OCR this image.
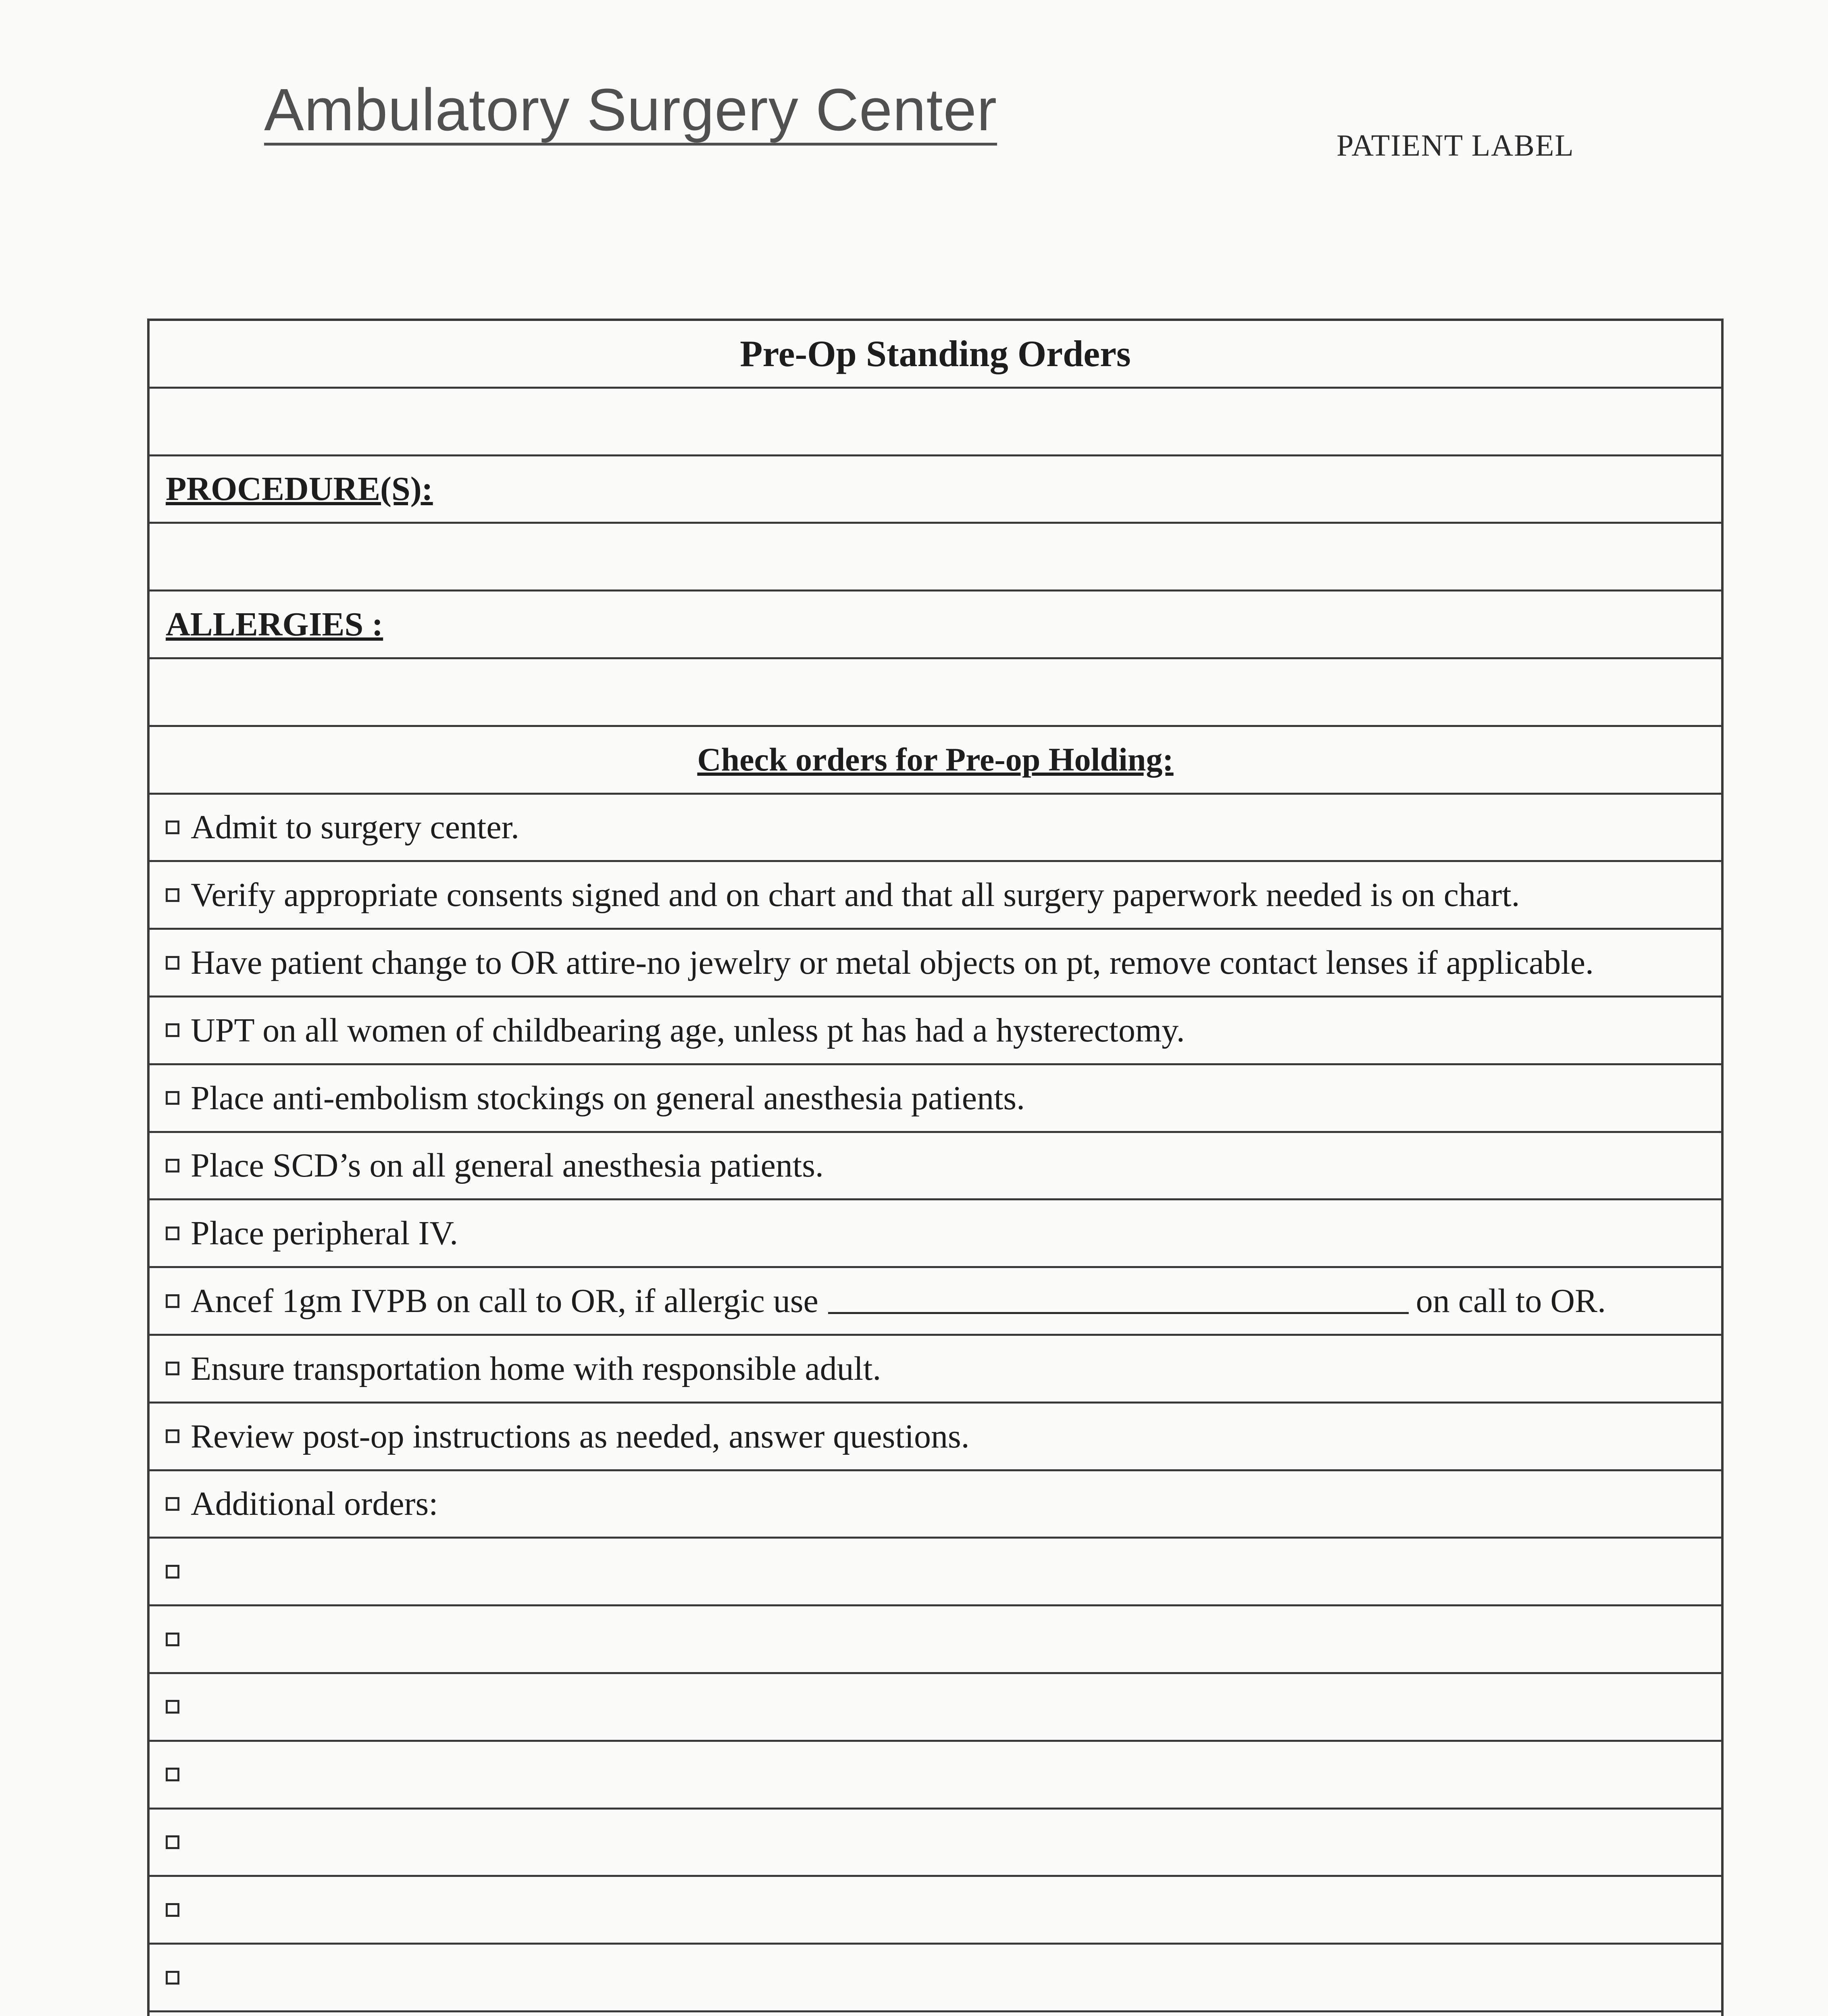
Ambulatory Surgery Center
PATIENT LABEL
Pre-Op Standing Orders
PROCEDURE(S):
ALLERGIES :
Check orders for Pre-op Holding:
Admit to surgery center.
Verify appropriate consents signed and on chart and that all surgery paperwork needed is on chart.
Have patient change to OR attire-no jewelry or metal objects on pt, remove contact lenses if applicable.
UPT on all women of childbearing age, unless pt has had a hysterectomy.
Place anti-embolism stockings on general anesthesia patients.
Place SCD’s on all general anesthesia patients.
Place peripheral IV.
Ancef 1gm IVPB on call to OR, if allergic use	on call to OR.
Ensure transportation home with responsible adult.
Review post-op instructions as needed, answer questions.
Additional orders:
